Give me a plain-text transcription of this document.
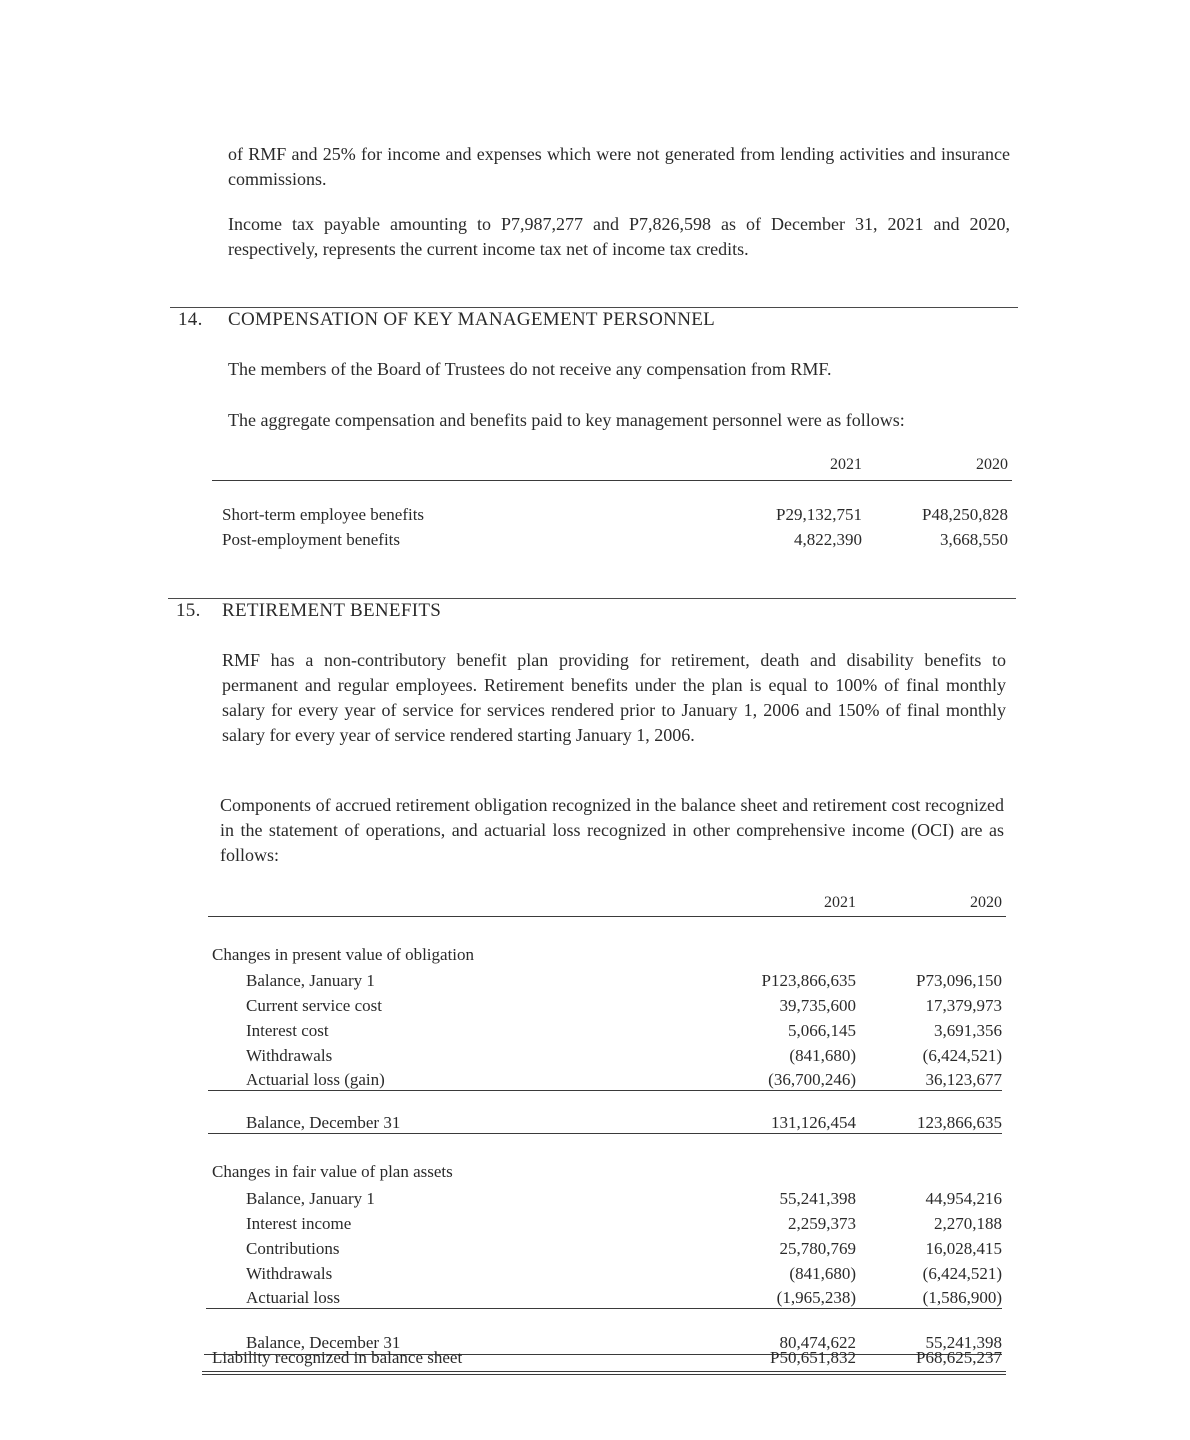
of RMF and 25% for income and expenses which were not generated from lending activities and insurance commissions.

Income tax payable amounting to P7,987,277 and P7,826,598 as of December 31, 2021 and 2020, respectively, represents the current income tax net of income tax credits.

14. COMPENSATION OF KEY MANAGEMENT PERSONNEL

The members of the Board of Trustees do not receive any compensation from RMF.

The aggregate compensation and benefits paid to key management personnel were as follows:

2021	2020
Short-term employee benefits	P29,132,751	P48,250,828
Post-employment benefits	4,822,390	3,668,550
15. RETIREMENT BENEFITS

RMF has a non-contributory benefit plan providing for retirement, death and disability benefits to permanent and regular employees. Retirement benefits under the plan is equal to 100% of final monthly salary for every year of service for services rendered prior to January 1, 2006 and 150% of final monthly salary for every year of service rendered starting January 1, 2006.

Components of accrued retirement obligation recognized in the balance sheet and retirement cost recognized in the statement of operations, and actuarial loss recognized in other comprehensive income (OCI) are as follows:

2021	2020
Changes in present value of obligation
Balance, January 1	P123,866,635	P73,096,150
Current service cost	39,735,600	17,379,973
Interest cost	5,066,145	3,691,356
Withdrawals	(841,680)	(6,424,521)
Actuarial loss (gain)	(36,700,246)	36,123,677
Balance, December 31	131,126,454	123,866,635
Changes in fair value of plan assets
Balance, January 1	55,241,398	44,954,216
Interest income	2,259,373	2,270,188
Contributions	25,780,769	16,028,415
Withdrawals	(841,680)	(6,424,521)
Actuarial loss	(1,965,238)	(1,586,900)
Balance, December 31	80,474,622	55,241,398
Liability recognized in balance sheet	P50,651,832	P68,625,237
